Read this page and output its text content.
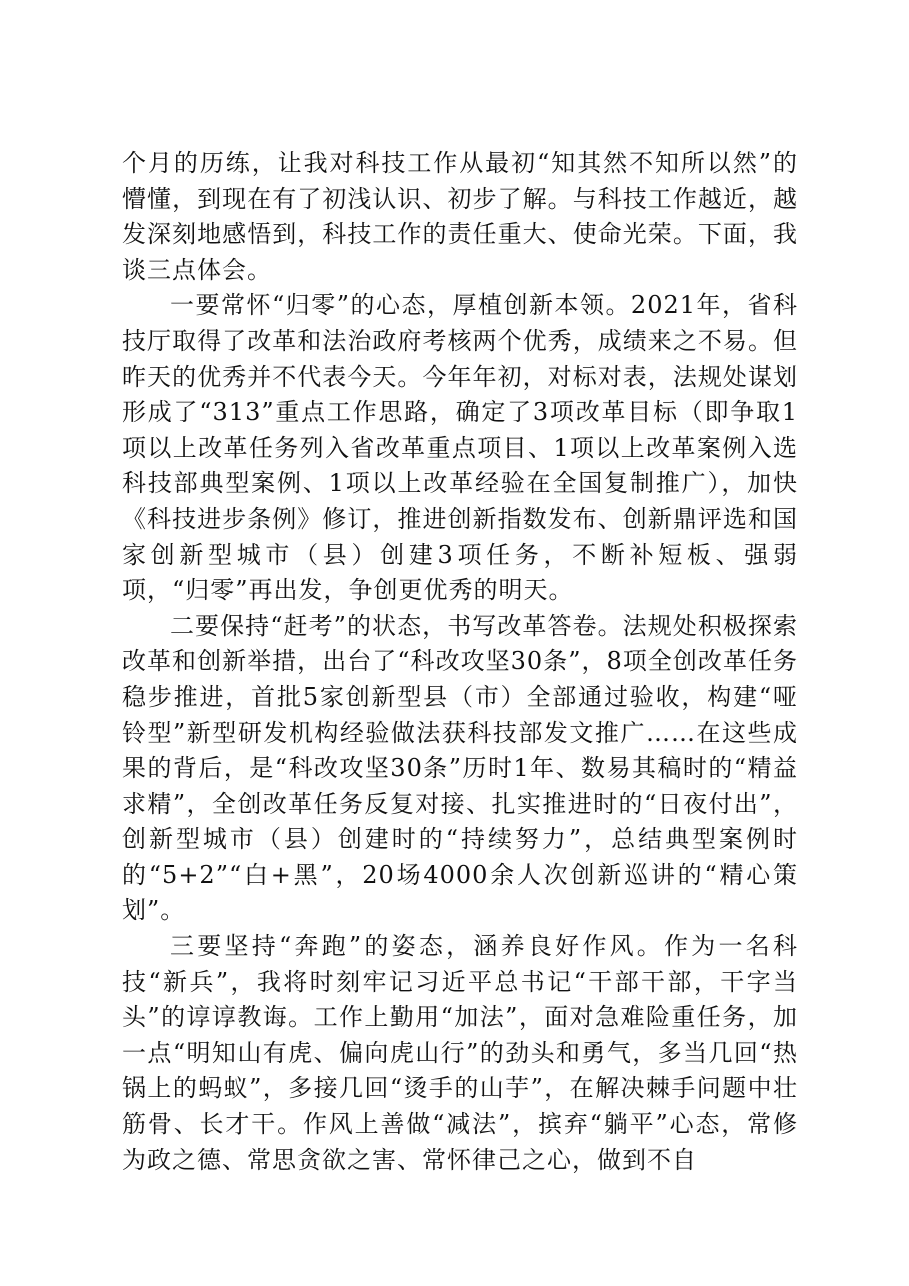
个月的历练，让我对科技工作从最初“知其然不知所以然”的懵懂，到现在有了初浅认识、初步了解。与科技工作越近，越发深刻地感悟到，科技工作的责任重大、使命光荣。下面，我谈三点体会。

一要常怀“归零”的心态，厚植创新本领。2021年，省科技厅取得了改革和法治政府考核两个优秀，成绩来之不易。但昨天的优秀并不代表今天。今年年初，对标对表，法规处谋划形成了“313”重点工作思路，确定了3项改革目标（即争取1项以上改革任务列入省改革重点项目、1项以上改革案例入选科技部典型案例、1项以上改革经验在全国复制推广），加快《科技进步条例》修订，推进创新指数发布、创新鼎评选和国家创新型城市（县）创建3项任务，不断补短板、强弱项，“归零”再出发，争创更优秀的明天。

二要保持“赶考”的状态，书写改革答卷。法规处积极探索改革和创新举措，出台了“科改攻坚30条”，8项全创改革任务稳步推进，首批5家创新型县（市）全部通过验收，构建“哑铃型”新型研发机构经验做法获科技部发文推广……在这些成果的背后，是“科改攻坚30条”历时1年、数易其稿时的“精益求精”，全创改革任务反复对接、扎实推进时的“日夜付出”，创新型城市（县）创建时的“持续努力”，总结典型案例时的“5+2”“白+黑”，20场4000余人次创新巡讲的“精心策划”。

三要坚持“奔跑”的姿态，涵养良好作风。作为一名科技“新兵”，我将时刻牢记习近平总书记“干部干部，干字当头”的谆谆教诲。工作上勤用“加法”，面对急难险重任务，加一点“明知山有虎、偏向虎山行”的劲头和勇气，多当几回“热锅上的蚂蚁”，多接几回“烫手的山芋”，在解决棘手问题中壮筋骨、长才干。作风上善做“减法”，摈弃“躺平”心态，常修为政之德、常思贪欲之害、常怀律己之心，做到不自
